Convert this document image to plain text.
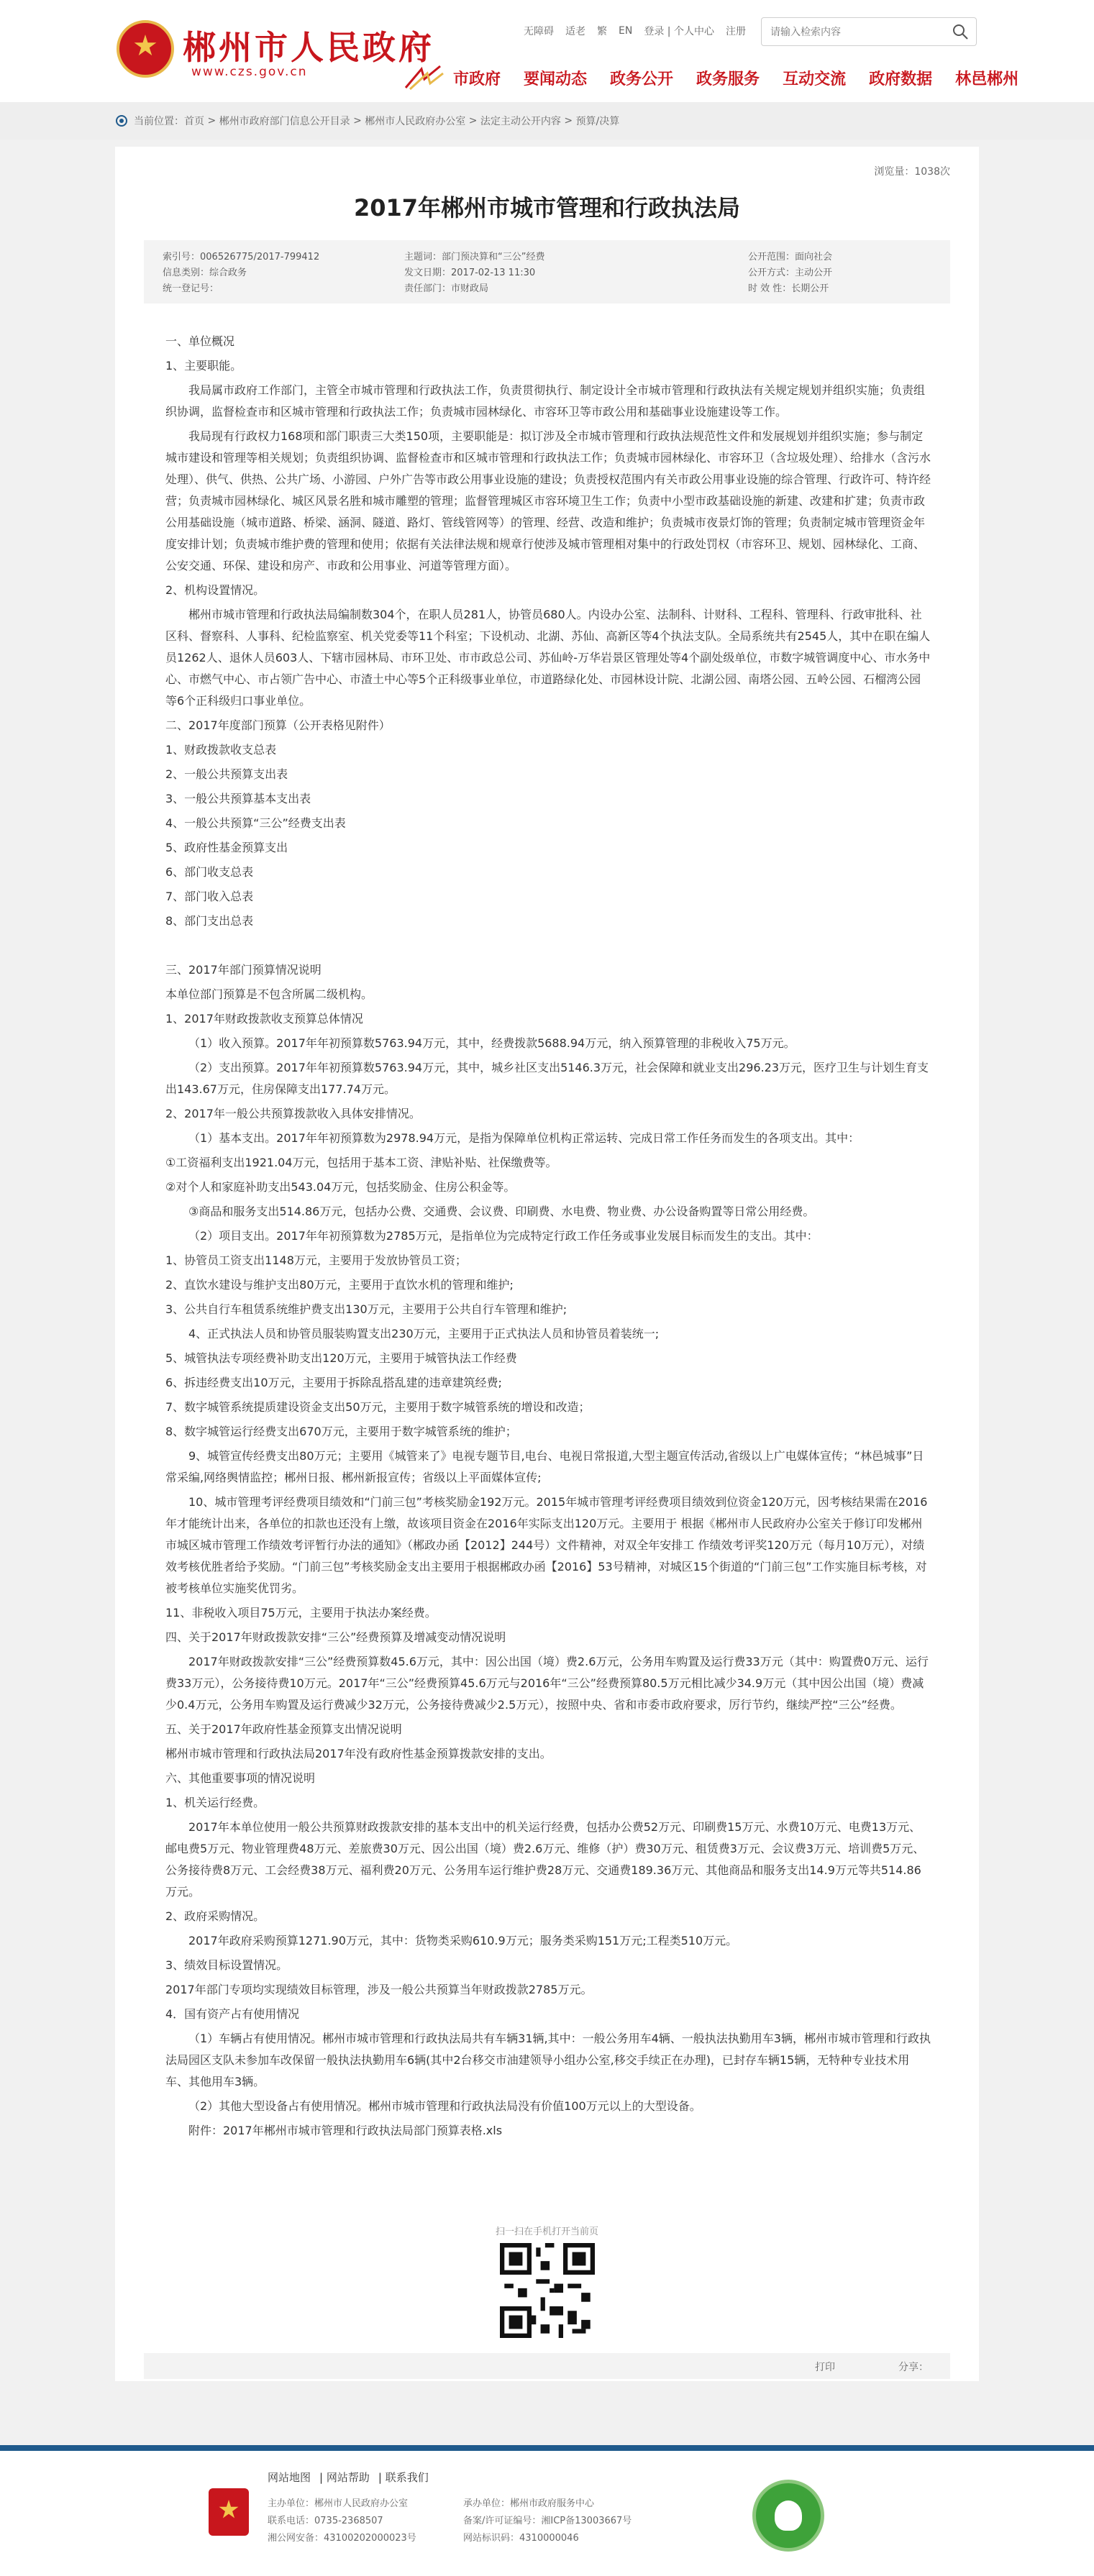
郴州市人民政府
www.czs.gov.cn
无障碍 适老 繁 EN 登录 | 个人中心 注册
请输入检索内容
市政府 要闻动态 政务公开 政务服务 互动交流 政府数据 林邑郴州
当前位置： 首页 > 郴州市政府部门信息公开目录 > 郴州市人民政府办公室 > 法定主动公开内容 > 预算/决算
浏览量：1038次
2017年郴州市城市管理和行政执法局
索引号：006526775/2017-799412	主题词：部门预决算和“三公”经费	公开范围：面向社会
信息类别：综合政务	发文日期：2017-02-13 11:30	公开方式：主动公开
统一登记号：	责任部门：市财政局	时 效 性：长期公开

一、单位概况

1、主要职能。

我局属市政府工作部门，主管全市城市管理和行政执法工作，负责贯彻执行、制定设计全市城市管理和行政执法有关规定规划并组织实施；负责组织协调，监督检查市和区城市管理和行政执法工作；负责城市园林绿化、市容环卫等市政公用和基础事业设施建设等工作。

我局现有行政权力168项和部门职责三大类150项，主要职能是：拟订涉及全市城市管理和行政执法规范性文件和发展规划并组织实施；参与制定城市建设和管理等相关规划；负责组织协调、监督检查市和区城市管理和行政执法工作；负责城市园林绿化、市容环卫（含垃圾处理）、给排水（含污水处理）、供气、供热、公共广场、小游园、户外广告等市政公用事业设施的建设；负责授权范围内有关市政公用事业设施的综合管理、行政许可、特许经营；负责城市园林绿化、城区风景名胜和城市雕塑的管理；监督管理城区市容环境卫生工作；负责中小型市政基础设施的新建、改建和扩建；负责市政公用基础设施（城市道路、桥梁、涵洞、隧道、路灯、管线管网等）的管理、经营、改造和维护；负责城市夜景灯饰的管理；负责制定城市管理资金年度安排计划；负责城市维护费的管理和使用；依据有关法律法规和规章行使涉及城市管理相对集中的行政处罚权（市容环卫、规划、园林绿化、工商、公安交通、环保、建设和房产、市政和公用事业、河道等管理方面）。

2、机构设置情况。

郴州市城市管理和行政执法局编制数304个，在职人员281人，协管员680人。内设办公室、法制科、计财科、工程科、管理科、行政审批科、社区科、督察科、人事科、纪检监察室、机关党委等11个科室；下设机动、北湖、苏仙、高新区等4个执法支队。全局系统共有2545人，其中在职在编人员1262人、退休人员603人、下辖市园林局、市环卫处、市市政总公司、苏仙岭-万华岩景区管理处等4个副处级单位，市数字城管调度中心、市水务中心、市燃气中心、市占领广告中心、市渣土中心等5个正科级事业单位，市道路绿化处、市园林设计院、北湖公园、南塔公园、五岭公园、石榴湾公园等6个正科级归口事业单位。

二、2017年度部门预算（公开表格见附件）

1、财政拨款收支总表

2、一般公共预算支出表

3、一般公共预算基本支出表

4、一般公共预算“三公”经费支出表

5、政府性基金预算支出

6、部门收支总表

7、部门收入总表

8、部门支出总表

三、2017年部门预算情况说明

本单位部门预算是不包含所属二级机构。

1、2017年财政拨款收支预算总体情况

（1）收入预算。2017年年初预算数5763.94万元，其中，经费拨款5688.94万元，纳入预算管理的非税收入75万元。

（2）支出预算。2017年年初预算数5763.94万元，其中，城乡社区支出5146.3万元，社会保障和就业支出296.23万元，医疗卫生与计划生育支出143.67万元，住房保障支出177.74万元。

2、2017年一般公共预算拨款收入具体安排情况。

（1）基本支出。2017年年初预算数为2978.94万元，是指为保障单位机构正常运转、完成日常工作任务而发生的各项支出。其中：

①工资福利支出1921.04万元，包括用于基本工资、津贴补贴、社保缴费等。

②对个人和家庭补助支出543.04万元，包括奖励金、住房公积金等。

③商品和服务支出514.86万元，包括办公费、交通费、会议费、印刷费、水电费、物业费、办公设备购置等日常公用经费。

（2）项目支出。2017年年初预算数为2785万元，是指单位为完成特定行政工作任务或事业发展目标而发生的支出。其中：

1、协管员工资支出1148万元，主要用于发放协管员工资；

2、直饮水建设与维护支出80万元，主要用于直饮水机的管理和维护;

3、公共自行车租赁系统维护费支出130万元，主要用于公共自行车管理和维护;

4、正式执法人员和协管员服装购置支出230万元，主要用于正式执法人员和协管员着装统一;

5、城管执法专项经费补助支出120万元，主要用于城管执法工作经费

6、拆违经费支出10万元，主要用于拆除乱搭乱建的违章建筑经费;

7、数字城管系统提质建设资金支出50万元，主要用于数字城管系统的增设和改造；

8、数字城管运行经费支出670万元，主要用于数字城管系统的维护；

9、城管宣传经费支出80万元；主要用《城管来了》电视专题节目,电台、电视日常报道,大型主题宣传活动,省级以上广电媒体宣传；“林邑城事”日常采编,网络舆情监控；郴州日报、郴州新报宣传；省级以上平面媒体宣传;

10、城市管理考评经费项目绩效和“门前三包”考核奖励金192万元。2015年城市管理考评经费项目绩效到位资金120万元，因考核结果需在2016年才能统计出来，各单位的扣款也还没有上缴，故该项目资金在2016年实际支出120万元。主要用于 根据《郴州市人民政府办公室关于修订印发郴州市城区城市管理工作绩效考评暂行办法的通知》（郴政办函【2012】244号）文件精神，对双全年安排工 作绩效考评奖120万元（每月10万元），对绩效考核优胜者给予奖励。“门前三包”考核奖励金支出主要用于根据郴政办函【2016】53号精神，对城区15个街道的“门前三包”工作实施目标考核，对被考核单位实施奖优罚劣。

11、非税收入项目75万元，主要用于执法办案经费。

四、关于2017年财政拨款安排“三公”经费预算及增减变动情况说明

2017年财政拨款安排“三公”经费预算数45.6万元，其中：因公出国（境）费2.6万元，公务用车购置及运行费33万元（其中：购置费0万元、运行费33万元），公务接待费10万元。2017年“三公”经费预算45.6万元与2016年“三公”经费预算80.5万元相比减少34.9万元（其中因公出国（境）费减少0.4万元，公务用车购置及运行费减少32万元，公务接待费减少2.5万元），按照中央、省和市委市政府要求，厉行节约，继续严控“三公”经费。

五、关于2017年政府性基金预算支出情况说明

郴州市城市管理和行政执法局2017年没有政府性基金预算拨款安排的支出。

六、其他重要事项的情况说明

1、机关运行经费。

2017年本单位使用一般公共预算财政拨款安排的基本支出中的机关运行经费，包括办公费52万元、印刷费15万元、水费10万元、电费13万元、邮电费5万元、物业管理费48万元、差旅费30万元、因公出国（境）费2.6万元、维修（护）费30万元、租赁费3万元、会议费3万元、培训费5万元、公务接待费8万元、工会经费38万元、福利费20万元、公务用车运行维护费28万元、交通费189.36万元、其他商品和服务支出14.9万元等共514.86万元。

2、政府采购情况。

2017年政府采购预算1271.90万元，其中：货物类采购610.9万元；服务类采购151万元;工程类510万元。

3、绩效目标设置情况。

2017年部门专项均实现绩效目标管理，涉及一般公共预算当年财政拨款2785万元。

4．国有资产占有使用情况

（1）车辆占有使用情况。郴州市城市管理和行政执法局共有车辆31辆,其中：一般公务用车4辆、一般执法执勤用车3辆，郴州市城市管理和行政执法局园区支队未参加车改保留一般执法执勤用车6辆(其中2台移交市油建领导小组办公室,移交手续正在办理)，已封存车辆15辆，无特种专业技术用车、其他用车3辆。

（2）其他大型设备占有使用情况。郴州市城市管理和行政执法局没有价值100万元以上的大型设备。

附件：2017年郴州市城市管理和行政执法局部门预算表格.xls

扫一扫在手机打开当前页
打印	分享：
网站地图 | 网站帮助 | 联系我们
主办单位：郴州市人民政府办公室
联系电话：0735-2368507
湘公网安备：43100202000023号
承办单位：郴州市政府服务中心
备案/许可证编号：湘ICP备13003667号
网站标识码：4310000046
